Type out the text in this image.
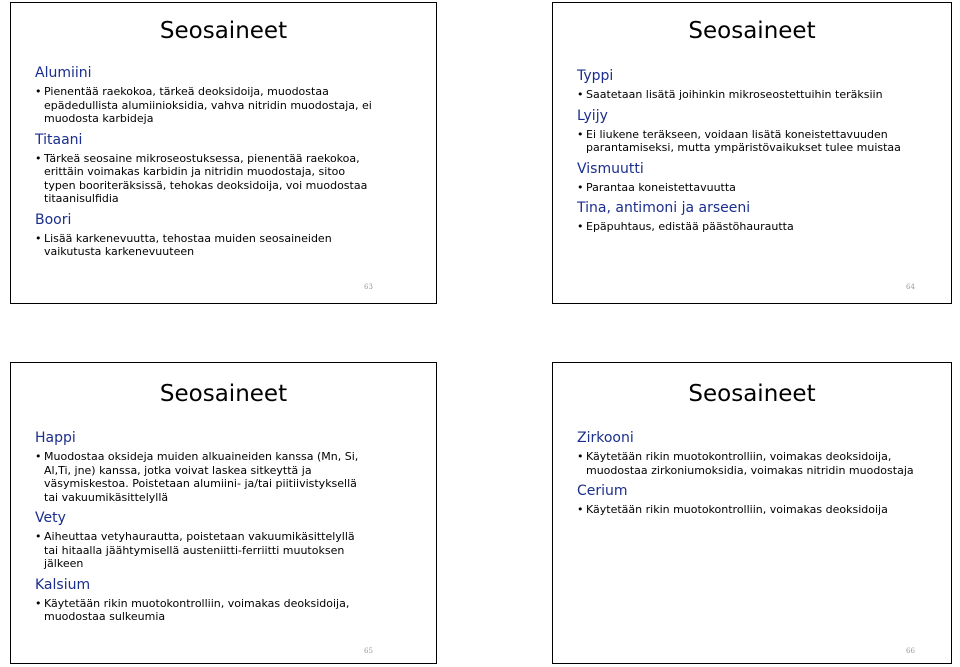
Seosaineet
Alumiini
• Pienentää raekokoa, tärkeä deoksidoija, muodostaa epädedullista alumiinioksidia, vahva nitridin muodostaja, ei muodosta karbideja
Titaani
• Tärkeä seosaine mikroseostuksessa, pienentää raekokoa, erittäin voimakas karbidin ja nitridin muodostaja, sitoo typen booriteräksissä, tehokas deoksidoija, voi muodostaa titaanisulfidia
Boori
• Lisää karkenevuutta, tehostaa muiden seosaineiden vaikutusta karkenevuuteen
63
Seosaineet
Typpi
• Saatetaan lisätä joihinkin mikroseostettuihin teräksiin
Lyijy
• Ei liukene teräkseen, voidaan lisätä koneistettavuuden parantamiseksi, mutta ympäristövaikukset tulee muistaa
Vismuutti
• Parantaa koneistettavuutta
Tina, antimoni ja arseeni
• Epäpuhtaus, edistää päästöhaurautta
64
Seosaineet
Happi
• Muodostaa oksideja muiden alkuaineiden kanssa (Mn, Si, Al,Ti, jne) kanssa, jotka voivat laskea sitkeyttä ja väsymiskestoa. Poistetaan alumiini- ja/tai piitiivistyksellä tai vakuumikäsittelyllä
Vety
• Aiheuttaa vetyhaurautta, poistetaan vakuumikäsittelyllä tai hitaalla jäähtymisellä austeniitti-ferriitti muutoksen jälkeen
Kalsium
• Käytetään rikin muotokontrolliin, voimakas deoksidoija, muodostaa sulkeumia
65
Seosaineet
Zirkooni
• Käytetään rikin muotokontrolliin, voimakas deoksidoija, muodostaa zirkoniumoksidia, voimakas nitridin muodostaja
Cerium
• Käytetään rikin muotokontrolliin, voimakas deoksidoija
66
